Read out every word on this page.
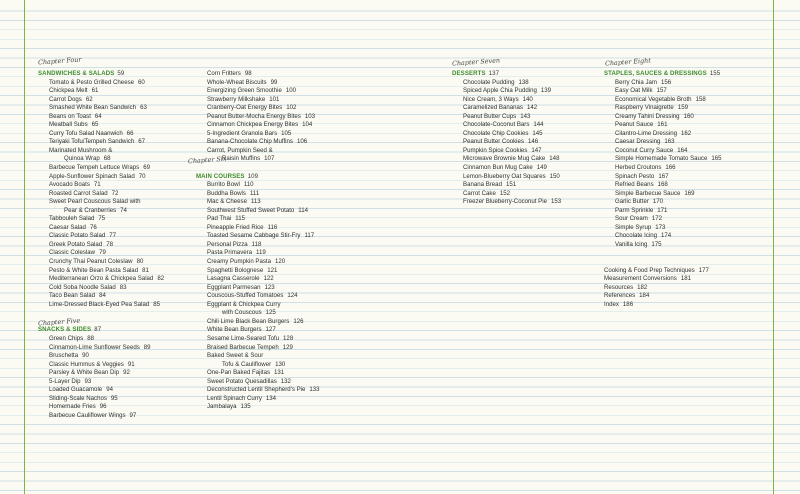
Chapter Four
Chapter Six
Chapter Five
Chapter Seven	Chapter Eight
SANDWICHES & SALADS 59
Tomato & Pesto Grilled Cheese 60
Chickpea Melt 61
Carrot Dogs 62
Smashed White Bean Sandwich 63
Beans on Toast 64
Meatball Subs 65
Curry Tofu Salad Naanwich 66
Teriyaki Tofu/Tempeh Sandwich 67
Marinated Mushroom &
Quinoa Wrap 68
Barbecue Tempeh Lettuce Wraps 69
Apple-Sunflower Spinach Salad 70
Avocado Boats 71
Roasted Carrot Salad 72
Sweet Pearl Couscous Salad with
Pear & Cranberries 74
Tabbouleh Salad 75
Caesar Salad 76
Classic Potato Salad 77
Greek Potato Salad 78
Classic Coleslaw 79
Crunchy Thai Peanut Coleslaw 80
Pesto & White Bean Pasta Salad 81
Mediterranean Orzo & Chickpea Salad 82
Cold Soba Noodle Salad 83
Taco Bean Salad 84
Lime-Dressed Black-Eyed Pea Salad 85
SNACKS & SIDES 87
Green Chips 88
Cinnamon-Lime Sunflower Seeds 89
Bruschetta 90
Classic Hummus & Veggies 91
Parsley & White Bean Dip 92
5-Layer Dip 93
Loaded Guacamole 94
Sliding-Scale Nachos 95
Homemade Fries 96
Barbecue Cauliflower Wings 97
Corn Fritters 98
Whole-Wheat Biscuits 99
Energizing Green Smoothie 100
Strawberry Milkshake 101
Cranberry-Oat Energy Bites 102
Peanut Butter-Mocha Energy Bites 103
Cinnamon Chickpea Energy Bites 104
5-Ingredient Granola Bars 105
Banana-Chocolate Chip Muffins 106
Carrot, Pumpkin Seed &
Raisin Muffins 107
MAIN COURSES 109
Burrito Bowl 110
Buddha Bowls 111
Mac & Cheese 113
Southwest Stuffed Sweet Potato 114
Pad Thai 115
Pineapple Fried Rice 116
Toasted Sesame Cabbage Stir-Fry 117
Personal Pizza 118
Pasta Primavera 119
Creamy Pumpkin Pasta 120
Spaghetti Bolognese 121
Lasagna Casserole 122
Eggplant Parmesan 123
Couscous-Stuffed Tomatoes 124
Eggplant & Chickpea Curry
with Couscous 125
Chili Lime Black Bean Burgers 126
White Bean Burgers 127
Sesame Lime-Seared Tofu 128
Braised Barbecue Tempeh 129
Baked Sweet & Sour
Tofu & Cauliflower 130
One-Pan Baked Fajitas 131
Sweet Potato Quesadillas 132
Deconstructed Lentil Shepherd's Pie 133
Lentil Spinach Curry 134
Jambalaya 135
DESSERTS 137
Chocolate Pudding 138
Spiced Apple Chia Pudding 139
Nice Cream, 3 Ways 140
Caramelized Bananas 142
Peanut Butter Cups 143
Chocolate-Coconut Bars 144
Chocolate Chip Cookies 145
Peanut Butter Cookies 146
Pumpkin Spice Cookies 147
Microwave Brownie Mug Cake 148
Cinnamon Bun Mug Cake 149
Lemon-Blueberry Oat Squares 150
Banana Bread 151
Carrot Cake 152
Freezer Blueberry-Coconut Pie 153
STAPLES, SAUCES & DRESSINGS 155
Berry Chia Jam 156
Easy Oat Milk 157
Economical Vegetable Broth 158
Raspberry Vinaigrette 159
Creamy Tahini Dressing 160
Peanut Sauce 161
Cilantro-Lime Dressing 162
Caesar Dressing 163
Coconut Curry Sauce 164
Simple Homemade Tomato Sauce 165
Herbed Croutons 166
Spinach Pesto 167
Refried Beans 168
Simple Barbecue Sauce 169
Garlic Butter 170
Parm Sprinkle 171
Sour Cream 172
Simple Syrup 173
Chocolate Icing 174
Vanilla Icing 175
Cooking & Food Prep Techniques 177
Measurement Conversions 181
Resources 182
References 184
Index 186
